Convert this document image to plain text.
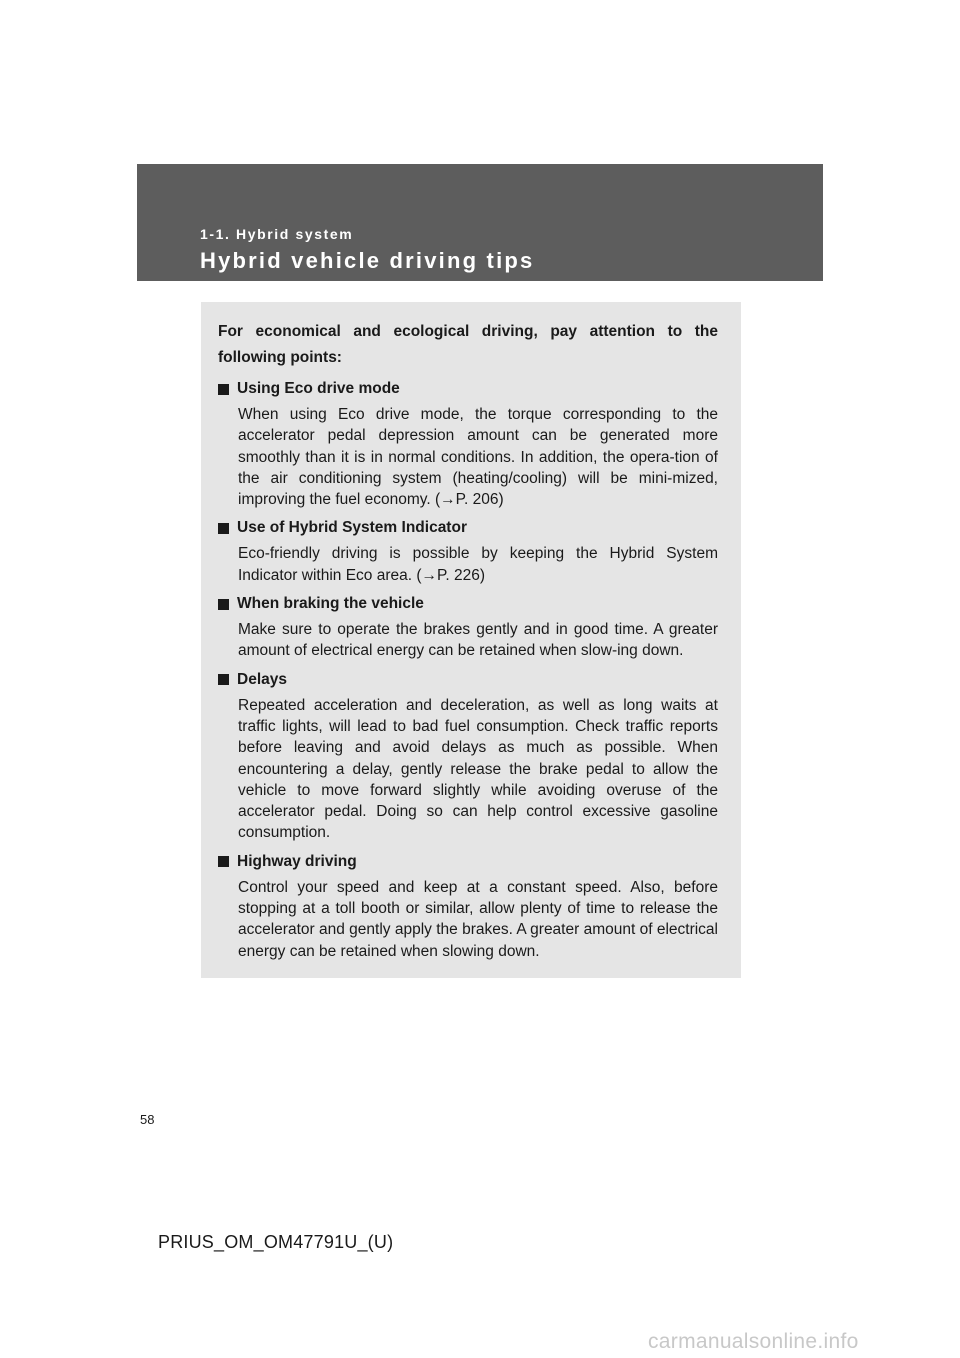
1-1. Hybrid system
Hybrid vehicle driving tips

For economical and ecological driving, pay attention to the following points:

Using Eco drive mode
When using Eco drive mode, the torque corresponding to the accelerator pedal depression amount can be generated more smoothly than it is in normal conditions. In addition, the opera-tion of the air conditioning system (heating/cooling) will be mini-mized, improving the fuel economy. (→P. 206)
Use of Hybrid System Indicator
Eco-friendly driving is possible by keeping the Hybrid System Indicator within Eco area. (→P. 226)
When braking the vehicle
Make sure to operate the brakes gently and in good time. A greater amount of electrical energy can be retained when slow-ing down.
Delays
Repeated acceleration and deceleration, as well as long waits at traffic lights, will lead to bad fuel consumption. Check traffic reports before leaving and avoid delays as much as possible. When encountering a delay, gently release the brake pedal to allow the vehicle to move forward slightly while avoiding overuse of the accelerator pedal. Doing so can help control excessive gasoline consumption.
Highway driving
Control your speed and keep at a constant speed. Also, before stopping at a toll booth or similar, allow plenty of time to release the accelerator and gently apply the brakes. A greater amount of electrical energy can be retained when slowing down.
58
PRIUS_OM_OM47791U_(U)
carmanualsonline.info
